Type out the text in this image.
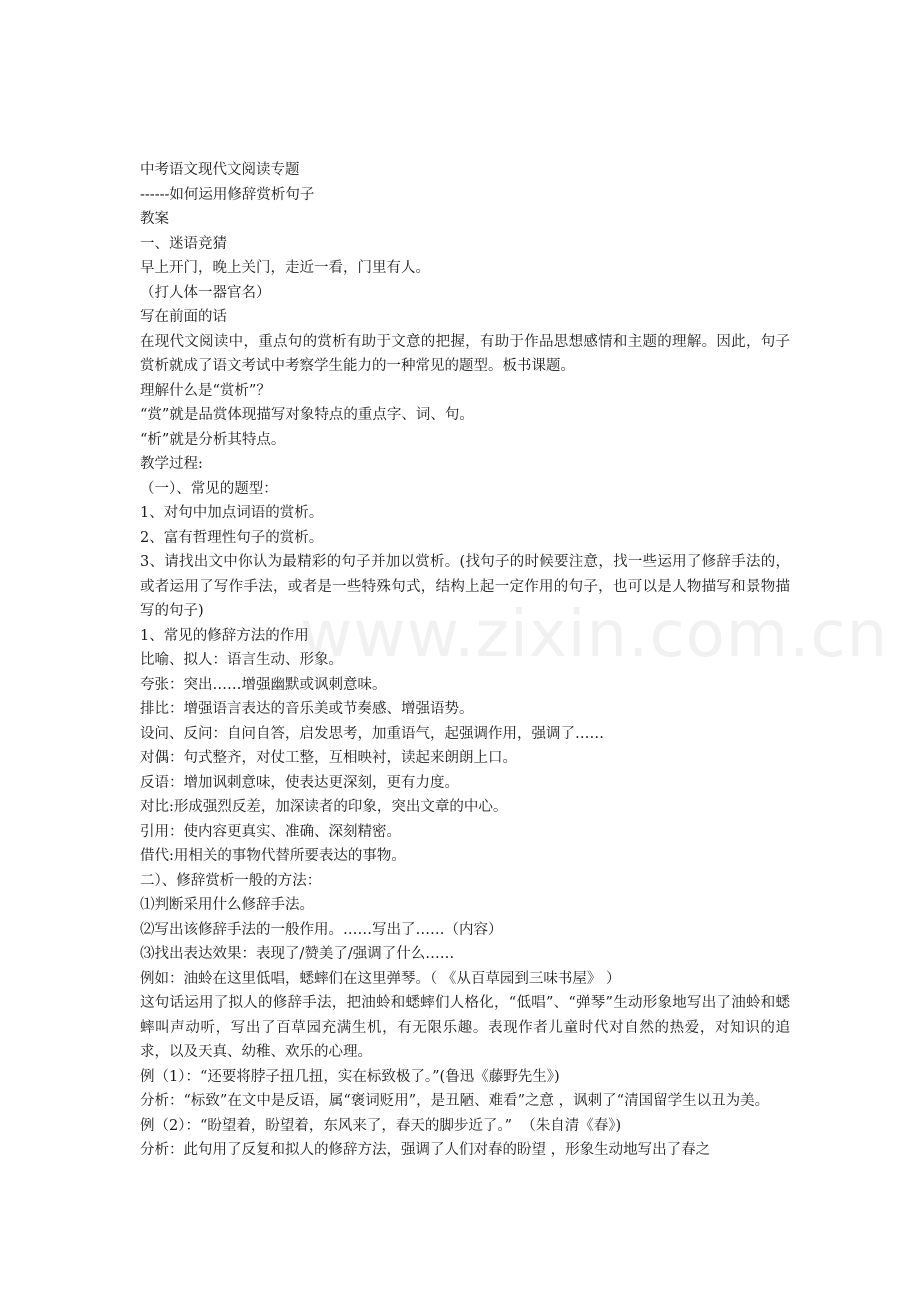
www.zixin.com.cn

中考语文现代文阅读专题

------如何运用修辞赏析句子

教案

一、迷语竞猜

早上开门，晚上关门，走近一看，门里有人。

（打人体一器官名）

写在前面的话

在现代文阅读中，重点句的赏析有助于文意的把握，有助于作品思想感情和主题的理解。因此，句子赏析就成了语文考试中考察学生能力的一种常见的题型。板书课题。

理解什么是“赏析”？

“赏”就是品赏体现描写对象特点的重点字、词、句。

“析”就是分析其特点。

教学过程:

（一）、常见的题型：

1、对句中加点词语的赏析。

2、富有哲理性句子的赏析。

3、请找出文中你认为最精彩的句子并加以赏析。(找句子的时候要注意，找一些运用了修辞手法的，或者运用了写作手法，或者是一些特殊句式，结构上起一定作用的句子，也可以是人物描写和景物描写的句子)

1、常见的修辞方法的作用

比喻、拟人：语言生动、形象。

夸张：突出……增强幽默或讽刺意味。

排比：增强语言表达的音乐美或节奏感、增强语势。

设问、反问：自问自答，启发思考，加重语气，起强调作用，强调了……

对偶：句式整齐，对仗工整，互相映衬，读起来朗朗上口。

反语：增加讽刺意味，使表达更深刻，更有力度。

对比:形成强烈反差，加深读者的印象，突出文章的中心。

引用：使内容更真实、准确、深刻精密。

借代:用相关的事物代替所要表达的事物。

二）、修辞赏析一般的方法：

⑴判断采用什么修辞手法。

⑵写出该修辞手法的一般作用。……写出了……（内容）

⑶找出表达效果：表现了/赞美了/强调了什么……

例如：油蛉在这里低唱，蟋蟀们在这里弹琴。（ 《从百草园到三味书屋》 ）

这句话运用了拟人的修辞手法，把油蛉和蟋蟀们人格化，“低唱”、“弹琴”生动形象地写出了油蛉和蟋蟀叫声动听，写出了百草园充满生机，有无限乐趣。表现作者儿童时代对自然的热爱，对知识的追求，以及天真、幼稚、欢乐的心理。

例（1）：“还要将脖子扭几扭，实在标致极了。”(鲁迅《藤野先生》)

分析：“标致”在文中是反语，属“褒词贬用”，是丑陋、难看”之意 ，讽刺了“清国留学生以丑为美。

例（2）：“盼望着，盼望着，东风来了，春天的脚步近了。”  （朱自清《春》)

分析：此句用了反复和拟人的修辞方法，强调了人们对春的盼望 ，形象生动地写出了春之
